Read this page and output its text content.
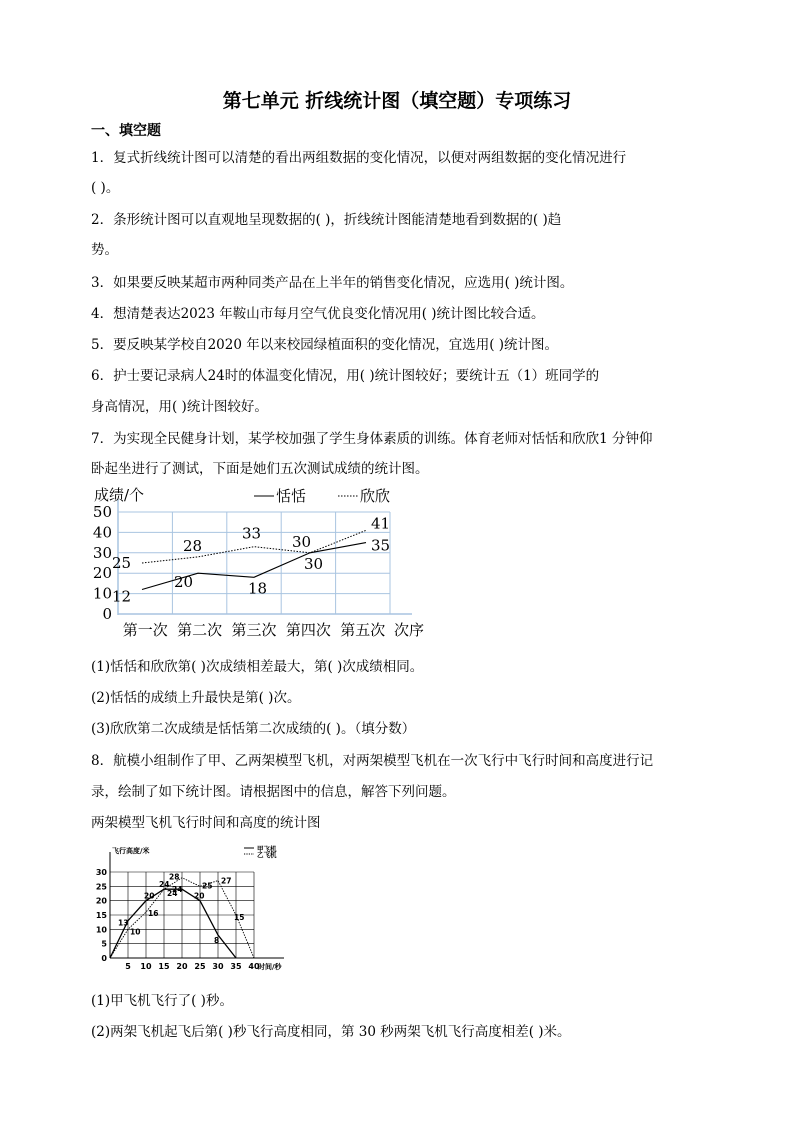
第七单元 折线统计图（填空题）专项练习
一、填空题
1．复式折线统计图可以清楚的看出两组数据的变化情况，以便对两组数据的变化情况进行
( )。
2．条形统计图可以直观地呈现数据的( )，折线统计图能清楚地看到数据的( )趋
势。
3．如果要反映某超市两种同类产品在上半年的销售变化情况，应选用( )统计图。
4．想清楚表达2023 年鞍山市每月空气优良变化情况用( )统计图比较合适。
5．要反映某学校自2020 年以来校园绿植面积的变化情况，宜选用( )统计图。
6．护士要记录病人24时的体温变化情况，用( )统计图较好；要统计五（1）班同学的
身高情况，用( )统计图较好。
7．为实现全民健身计划，某学校加强了学生身体素质的训练。体育老师对恬恬和欣欣1 分钟仰
卧起坐进行了测试，下面是她们五次测试成绩的统计图。
0
10
20
30
40
50
第一次 第二次 第三次 第四次 第五次 次序
成绩/个	恬恬	欣欣
12
20	18
30
35
25
28
33 30
41
(1)恬恬和欣欣第( )次成绩相差最大，第( )次成绩相同。
(2)恬恬的成绩上升最快是第( )次。
(3)欣欣第二次成绩是恬恬第二次成绩的( )。（填分数）
8．航模小组制作了甲、乙两架模型飞机，对两架模型飞机在一次飞行中飞行时间和高度进行记
录，绘制了如下统计图。请根据图中的信息，解答下列问题。
两架模型飞机飞行时间和高度的统计图
0
5
10
15
20
25
30
5 10 15 20 25 30 35 40
时间/秒
飞行高度/米	甲飞机
乙飞机
13
20
24
24
20
8
10
16
24
28
25
27
15
(1)甲飞机飞行了( )秒。
(2)两架飞机起飞后第( )秒飞行高度相同，第 30 秒两架飞机飞行高度相差( )米。
